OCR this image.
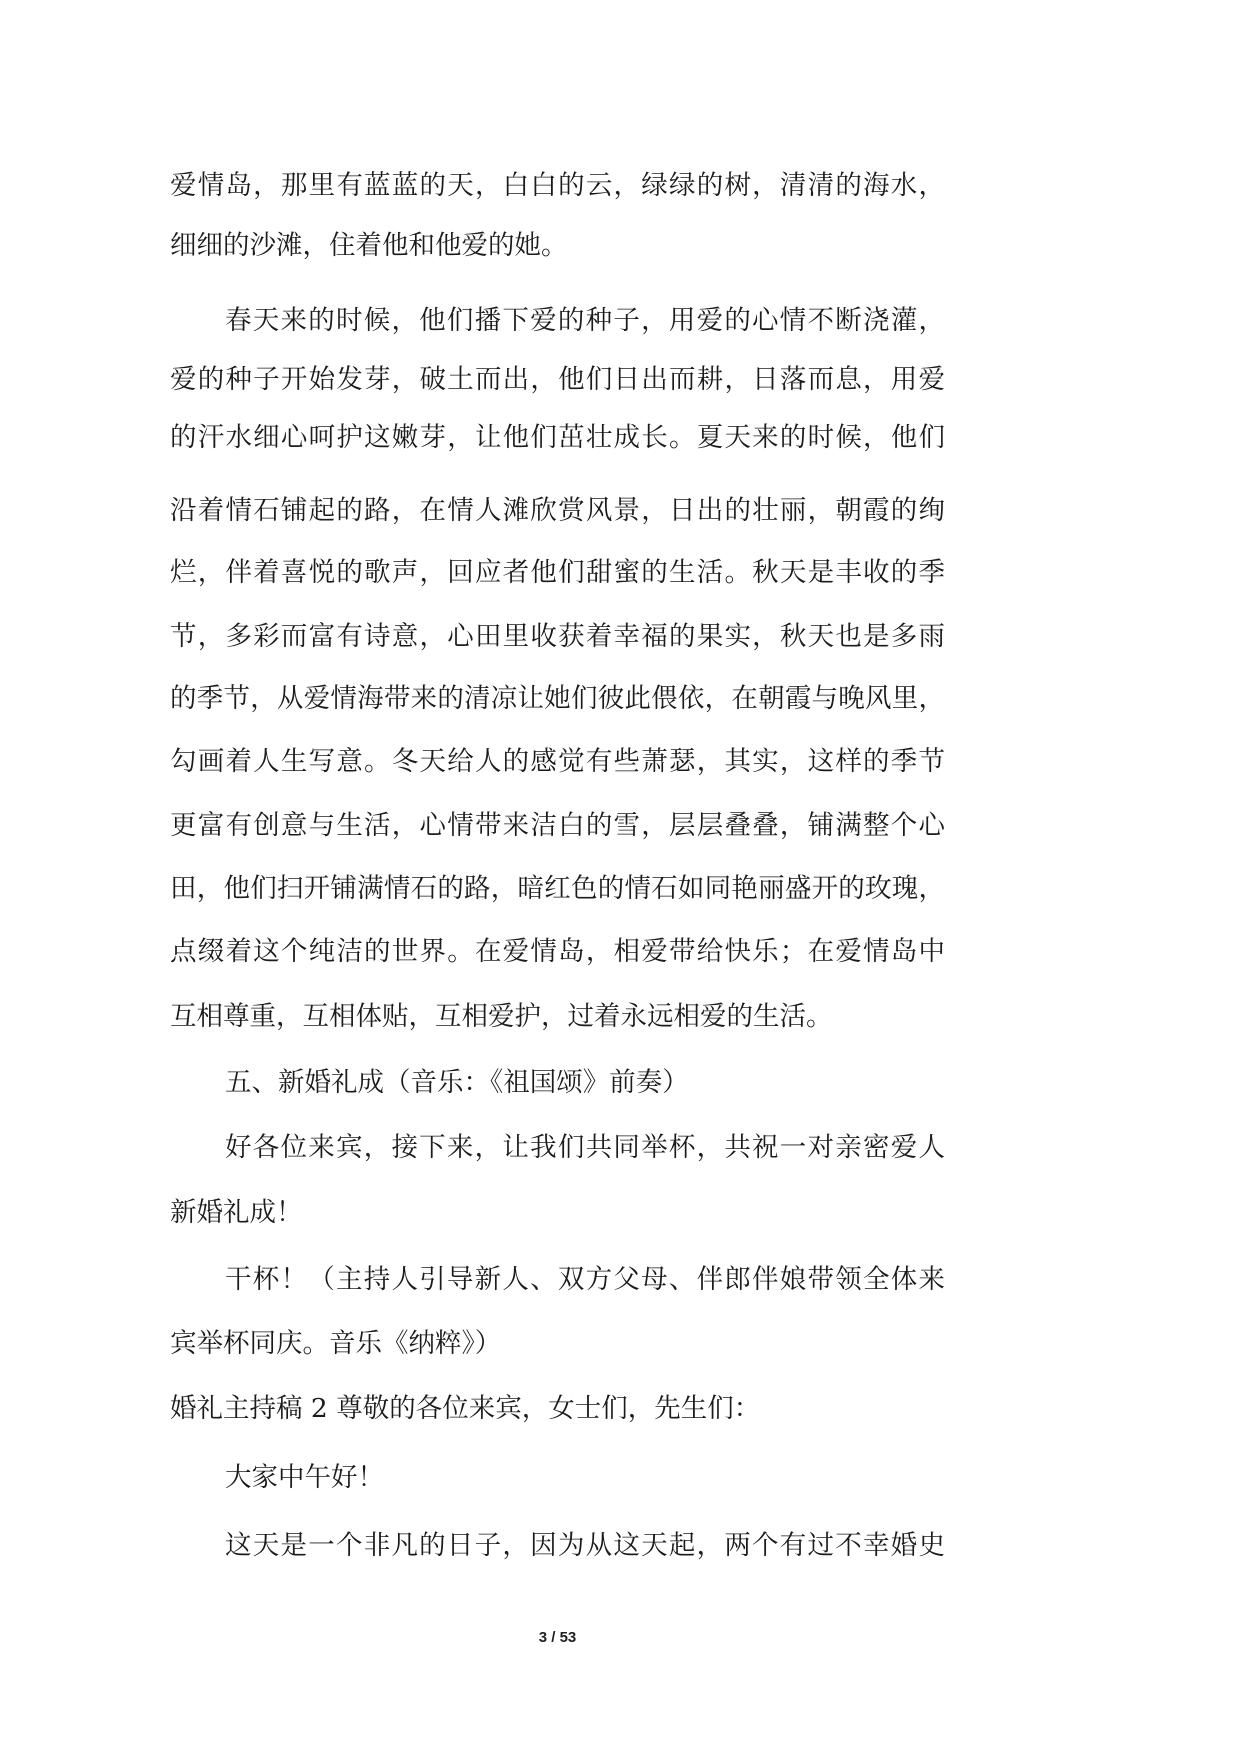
爱情岛，那里有蓝蓝的天，白白的云，绿绿的树，清清的海水，
细细的沙滩，住着他和他爱的她。
春天来的时候，他们播下爱的种子，用爱的心情不断浇灌，
爱的种子开始发芽，破土而出，他们日出而耕，日落而息，用爱
的汗水细心呵护这嫩芽，让他们茁壮成长。夏天来的时候，他们
沿着情石铺起的路，在情人滩欣赏风景，日出的壮丽，朝霞的绚
烂，伴着喜悦的歌声，回应者他们甜蜜的生活。秋天是丰收的季
节，多彩而富有诗意，心田里收获着幸福的果实，秋天也是多雨
的季节，从爱情海带来的清凉让她们彼此偎依，在朝霞与晚风里，
勾画着人生写意。冬天给人的感觉有些萧瑟，其实，这样的季节
更富有创意与生活，心情带来洁白的雪，层层叠叠，铺满整个心
田，他们扫开铺满情石的路，暗红色的情石如同艳丽盛开的玫瑰，
点缀着这个纯洁的世界。在爱情岛，相爱带给快乐；在爱情岛中
互相尊重，互相体贴，互相爱护，过着永远相爱的生活。
五、新婚礼成（音乐：《祖国颂》前奏）
好各位来宾，接下来，让我们共同举杯，共祝一对亲密爱人
新婚礼成！
干杯！（主持人引导新人、双方父母、伴郎伴娘带领全体来
宾举杯同庆。音乐《纳粹》）
婚礼主持稿 2 尊敬的各位来宾，女士们，先生们：
大家中午好！
这天是一个非凡的日子，因为从这天起，两个有过不幸婚史
3 / 53
